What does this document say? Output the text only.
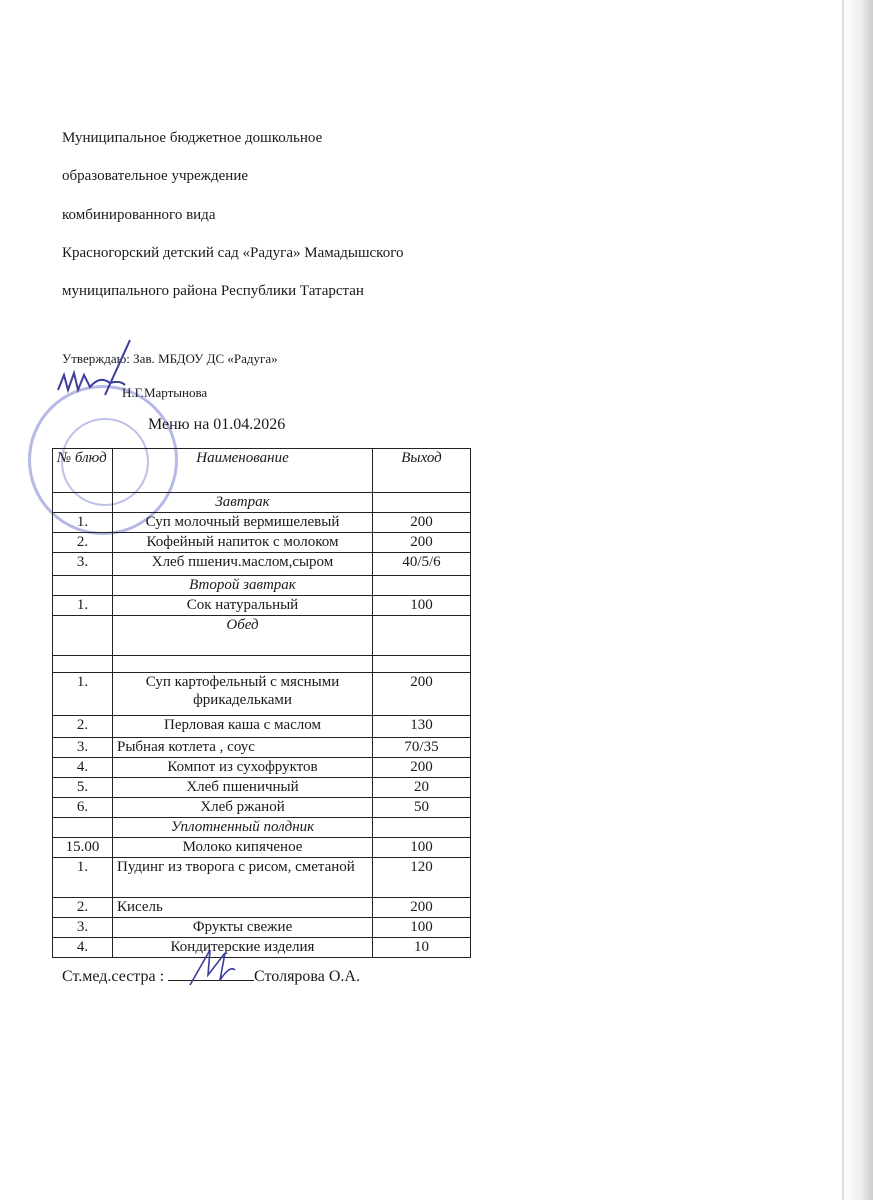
Муниципальное бюджетное дошкольное
образовательное учреждение
комбинированного вида
Красногорский детский сад «Радуга» Мамадышского
муниципального района Республики Татарстан
Утверждаю: Зав. МБДОУ ДС «Радуга»
Н.Г.Мартынова
Меню на 01.04.2026
№ блюд	Наименование	Выход
	Завтрак	
1.	Суп молочный вермишелевый	200
2.	Кофейный напиток с молоком	200
3.	Хлеб пшенич.маслом,сыром	40/5/6
	Второй завтрак	
1.	Сок натуральный	100
	Обед	

1.	Суп картофельный с мясными фрикадельками	200
2.	Перловая каша с маслом	130
3.	Рыбная котлета , соус	70/35
4.	Компот из сухофруктов	200
5.	Хлеб пшеничный	20
6.	Хлеб ржаной	50
	Уплотненный полдник	
15.00	Молоко кипяченое	100
1.	Пудинг из творога с рисом, сметаной	120
2.	Кисель	200
3.	Фрукты свежие	100
4.	Кондитерские изделия	10
Ст.мед.сестра :	Столярова О.А.
